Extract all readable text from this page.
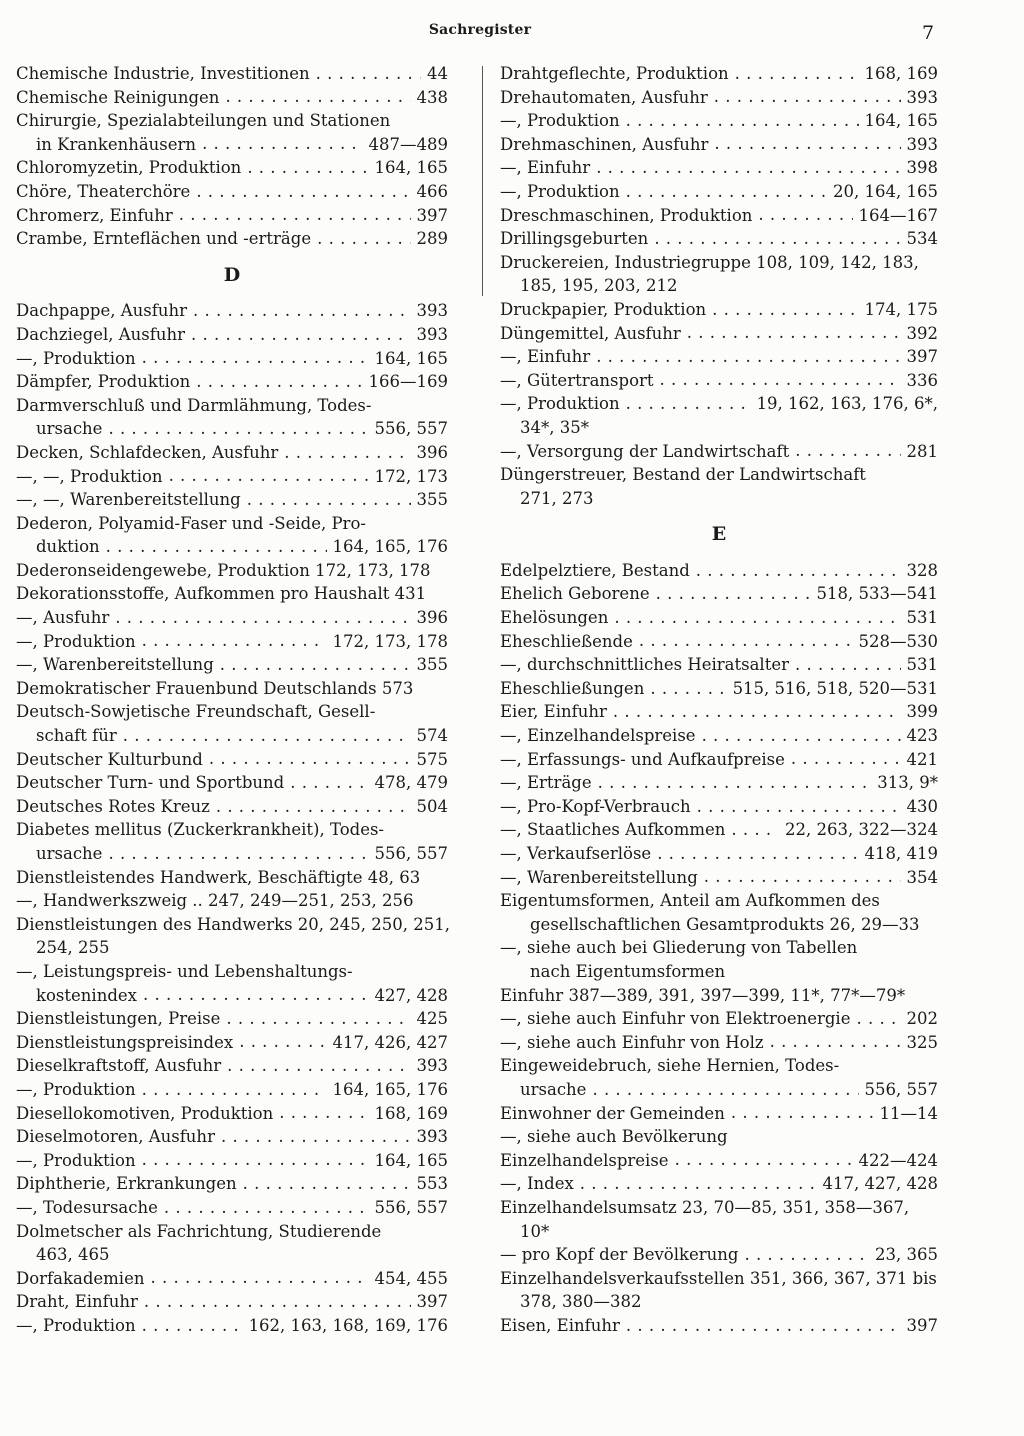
Sachregister	7
Chemische Industrie, Investitionen . . .	44
Chemische Reinigungen . . .	438
Chirurgie, Spezialabteilungen und Stationen
in Krankenhäusern . . .	487—489
Chloromyzetin, Produktion . . .	164, 165
Chöre, Theaterchöre . . .	466
Chromerz, Einfuhr . . .	397
Crambe, Ernteflächen und -erträge . . .	289
D
Dachpappe, Ausfuhr . . .	393
Dachziegel, Ausfuhr . . .	393
—, Produktion . . .	164, 165
Dämpfer, Produktion . . .	166—169
Darmverschluß und Darmlähmung, Todes-
ursache . . .	556, 557
Decken, Schlafdecken, Ausfuhr . . .	396
—, —, Produktion . . .	172, 173
—, —, Warenbereitstellung . . .	355
Dederon, Polyamid-Faser und -Seide, Pro-
duktion . . .	164, 165, 176
Dederonseidengewebe, Produktion 172, 173, 178
Dekorationsstoffe, Aufkommen pro Haushalt 431
—, Ausfuhr . . .	396
—, Produktion . . .	172, 173, 178
—, Warenbereitstellung . . .	355
Demokratischer Frauenbund Deutschlands 573
Deutsch-Sowjetische Freundschaft, Gesell-
schaft für . . .	574
Deutscher Kulturbund . . .	575
Deutscher Turn- und Sportbund . . .	478, 479
Deutsches Rotes Kreuz . . .	504
Diabetes mellitus (Zuckerkrankheit), Todes-
ursache . . .	556, 557
Dienstleistendes Handwerk, Beschäftigte 48, 63
—, Handwerkszweig .. 247, 249—251, 253, 256
Dienstleistungen des Handwerks 20, 245, 250, 251,
254, 255
—, Leistungspreis- und Lebenshaltungs-
kostenindex . . .	427, 428
Dienstleistungen, Preise . . .	425
Dienstleistungspreisindex . . .	417, 426, 427
Dieselkraftstoff, Ausfuhr . . .	393
—, Produktion . . .	164, 165, 176
Diesellokomotiven, Produktion . . .	168, 169
Dieselmotoren, Ausfuhr . . .	393
—, Produktion . . .	164, 165
Diphtherie, Erkrankungen . . .	553
—, Todesursache . . .	556, 557
Dolmetscher als Fachrichtung, Studierende
463, 465
Dorfakademien . . .	454, 455
Draht, Einfuhr . . .	397
—, Produktion . . .	162, 163, 168, 169, 176
Drahtgeflechte, Produktion . . .	168, 169
Drehautomaten, Ausfuhr . . .	393
—, Produktion . . .	164, 165
Drehmaschinen, Ausfuhr . . .	393
—, Einfuhr . . .	398
—, Produktion . . .	20, 164, 165
Dreschmaschinen, Produktion . . .	164—167
Drillingsgeburten . . .	534
Druckereien, Industriegruppe 108, 109, 142, 183,
185, 195, 203, 212
Druckpapier, Produktion . . .	174, 175
Düngemittel, Ausfuhr . . .	392
—, Einfuhr . . .	397
—, Gütertransport . . .	336
—, Produktion . . .	19, 162, 163, 176, 6*,
34*, 35*
—, Versorgung der Landwirtschaft . . .	281
Düngerstreuer, Bestand der Landwirtschaft
271, 273
E
Edelpelztiere, Bestand . . .	328
Ehelich Geborene . . .	518, 533—541
Ehelösungen . . .	531
Eheschließende . . .	528—530
—, durchschnittliches Heiratsalter . . .	531
Eheschließungen . . .	515, 516, 518, 520—531
Eier, Einfuhr . . .	399
—, Einzelhandelspreise . . .	423
—, Erfassungs- und Aufkaufpreise . . .	421
—, Erträge . . .	313, 9*
—, Pro-Kopf-Verbrauch . . .	430
—, Staatliches Aufkommen . . .	22, 263, 322—324
—, Verkaufserlöse . . .	418, 419
—, Warenbereitstellung . . .	354
Eigentumsformen, Anteil am Aufkommen des
gesellschaftlichen Gesamtprodukts 26, 29—33
—, siehe auch bei Gliederung von Tabellen
nach Eigentumsformen
Einfuhr 387—389, 391, 397—399, 11*, 77*—79*
—, siehe auch Einfuhr von Elektroenergie . . .	202
—, siehe auch Einfuhr von Holz . . .	325
Eingeweidebruch, siehe Hernien, Todes-
ursache . . .	556, 557
Einwohner der Gemeinden . . .	11—14
—, siehe auch Bevölkerung
Einzelhandelspreise . . .	422—424
—, Index . . .	417, 427, 428
Einzelhandelsumsatz 23, 70—85, 351, 358—367,
10*
— pro Kopf der Bevölkerung . . .	23, 365
Einzelhandelsverkaufsstellen 351, 366, 367, 371 bis
378, 380—382
Eisen, Einfuhr . . .	397
